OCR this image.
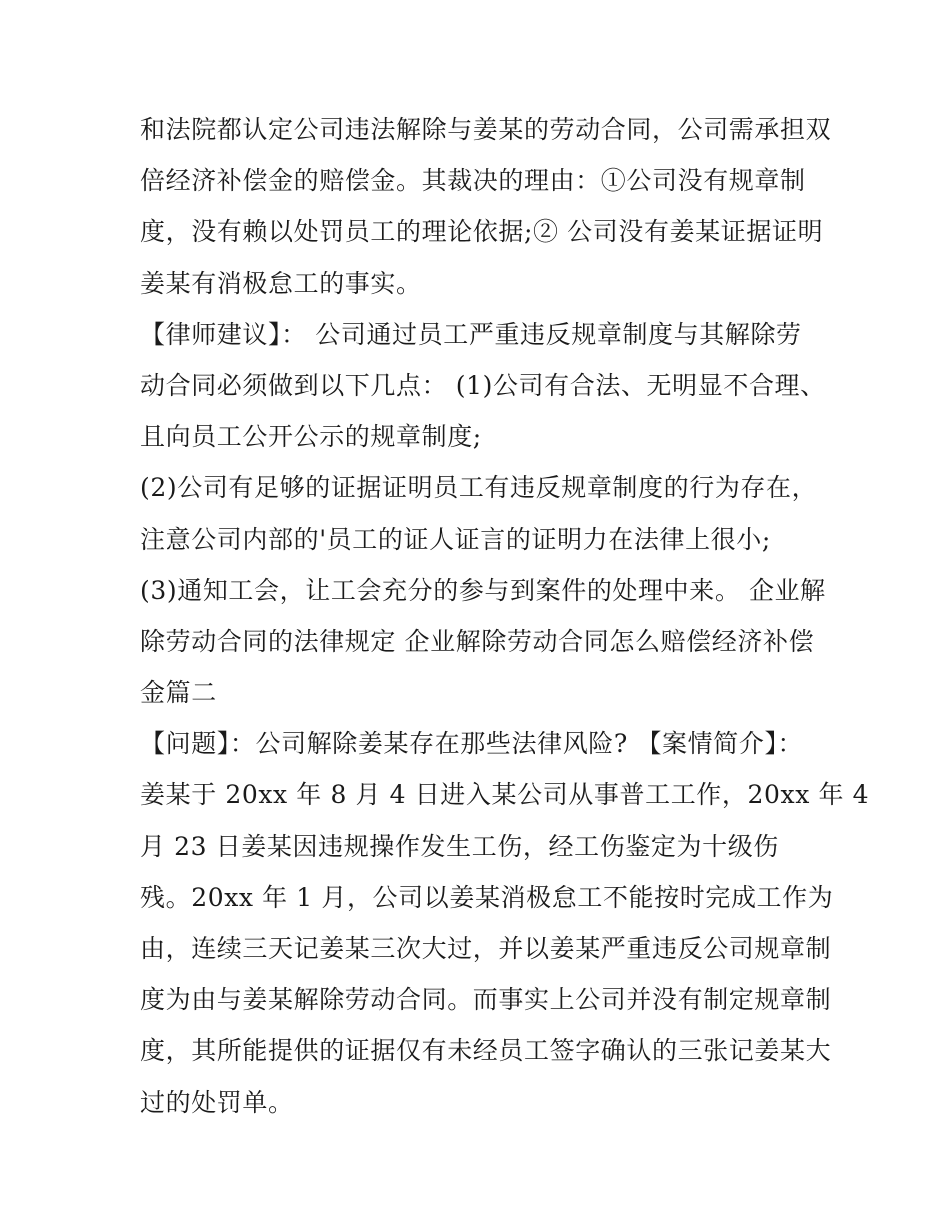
和法院都认定公司违法解除与姜某的劳动合同，公司需承担双
倍经济补偿金的赔偿金。其裁决的理由：①公司没有规章制
度，没有赖以处罚员工的理论依据;② 公司没有姜某证据证明
姜某有消极怠工的事实。
【律师建议】： 公司通过员工严重违反规章制度与其解除劳
动合同必须做到以下几点： (1)公司有合法、无明显不合理、
且向员工公开公示的规章制度;
(2)公司有足够的证据证明员工有违反规章制度的行为存在，
注意公司内部的'员工的证人证言的证明力在法律上很小;
(3)通知工会，让工会充分的参与到案件的处理中来。 企业解
除劳动合同的法律规定 企业解除劳动合同怎么赔偿经济补偿
金篇二
【问题】：公司解除姜某存在那些法律风险? 【案情简介】：
姜某于 20xx 年 8 月 4 日进入某公司从事普工工作，20xx 年 4
月 23 日姜某因违规操作发生工伤，经工伤鉴定为十级伤
残。20xx 年 1 月，公司以姜某消极怠工不能按时完成工作为
由，连续三天记姜某三次大过，并以姜某严重违反公司规章制
度为由与姜某解除劳动合同。而事实上公司并没有制定规章制
度，其所能提供的证据仅有未经员工签字确认的三张记姜某大
过的处罚单。
